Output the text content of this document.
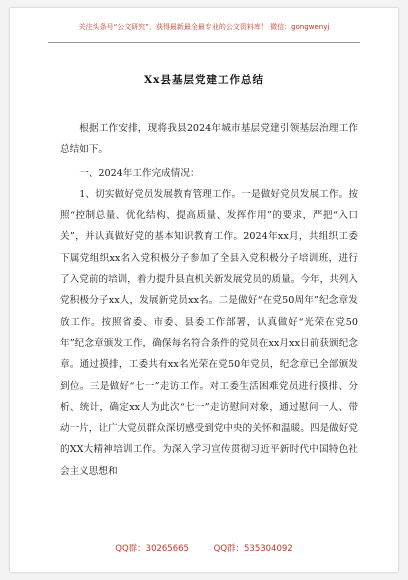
关注头条号“公文研究”，获得最新最全最专业的公文资料库！ 微信：gongwenyj
Xx县基层党建工作总结

根据工作安排，现将我县2024年城市基层党建引领基层治理工作总结如下。

一、2024年工作完成情况：

1、切实做好党员发展教育管理工作。一是做好党员发展工作。按照“控制总量、优化结构、提高质量、发挥作用”的要求，严把“入口关”，并认真做好党的基本知识教育工作。2024年xx月，共组织工委下属党组织xx名入党积极分子参加了全县入党积极分子培训班，进行了入党前的培训，着力提升县直机关新发展党员的质量。今年，共列入党积极分子xx人，发展新党员xx名。二是做好“在党50周年”纪念章发放工作。按照省委、市委、县委工作部署，认真做好“光荣在党50年”纪念章颁发工作，确保每名符合条件的党员在xx月xx日前获颁纪念章。通过摸排，工委共有xx名光荣在党50年党员，纪念章已全部颁发到位。三是做好“七一”走访工作。对工委生活困难党员进行摸排、分析、统计，确定xx人为此次“七一”走访慰问对象，通过慰问一人、带动一片，让广大党员群众深切感受到党中央的关怀和温暖。四是做好党的XX大精神培训工作。为深入学习宣传贯彻习近平新时代中国特色社会主义思想和

QQ群：30265665	QQ群：535304092
